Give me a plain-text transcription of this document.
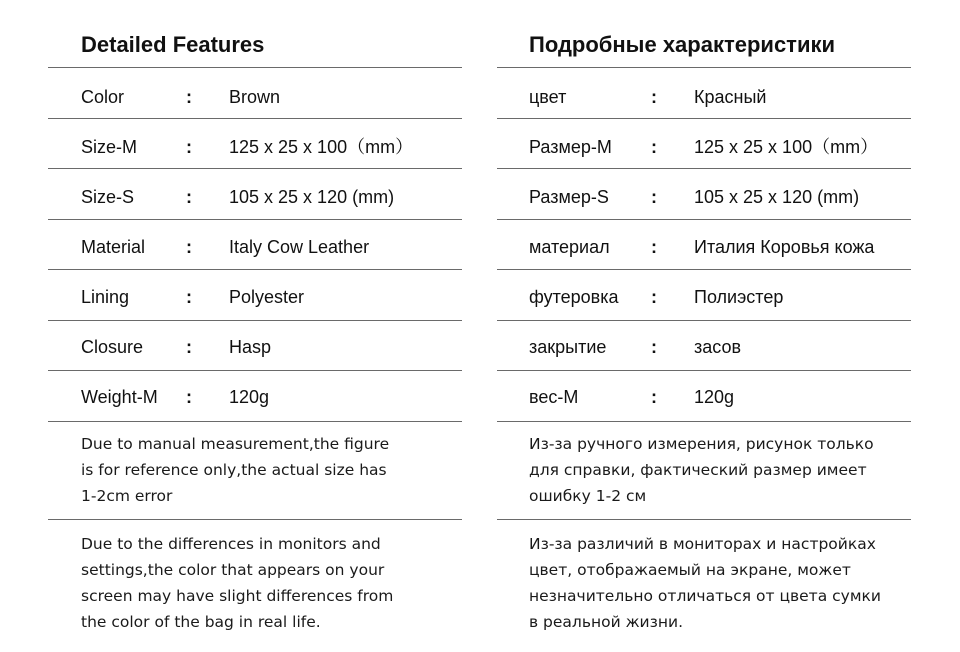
Detailed Features
Color	: Brown
Size-M	: 125 x 25 x 100（mm）
Size-S	: 105 x 25 x 120 (mm)
Material : Italy Cow Leather
Lining	: Polyester
Closure : Hasp
Weight-M : 120g
Due to manual measurement,the figure
is for reference only,the actual size has
1-2cm error
Due to the differences in monitors and
settings,the color that appears on your
screen may have slight differences from
the color of the bag in real life.
Подробные характеристики
цвет	: Красный
Размер-М : 125 x 25 x 100（mm）
Размер-S : 105 x 25 x 120 (mm)
материал : Италия Коровья кожа
футеровка : Полиэстер
закрытие : засов
вес-М	: 120g
Из-за ручного измерения, рисунок только
для справки, фактический размер имеет
ошибку 1-2 см
Из-за различий в мониторах и настройках
цвет, отображаемый на экране, может
незначительно отличаться от цвета сумки
в реальной жизни.
